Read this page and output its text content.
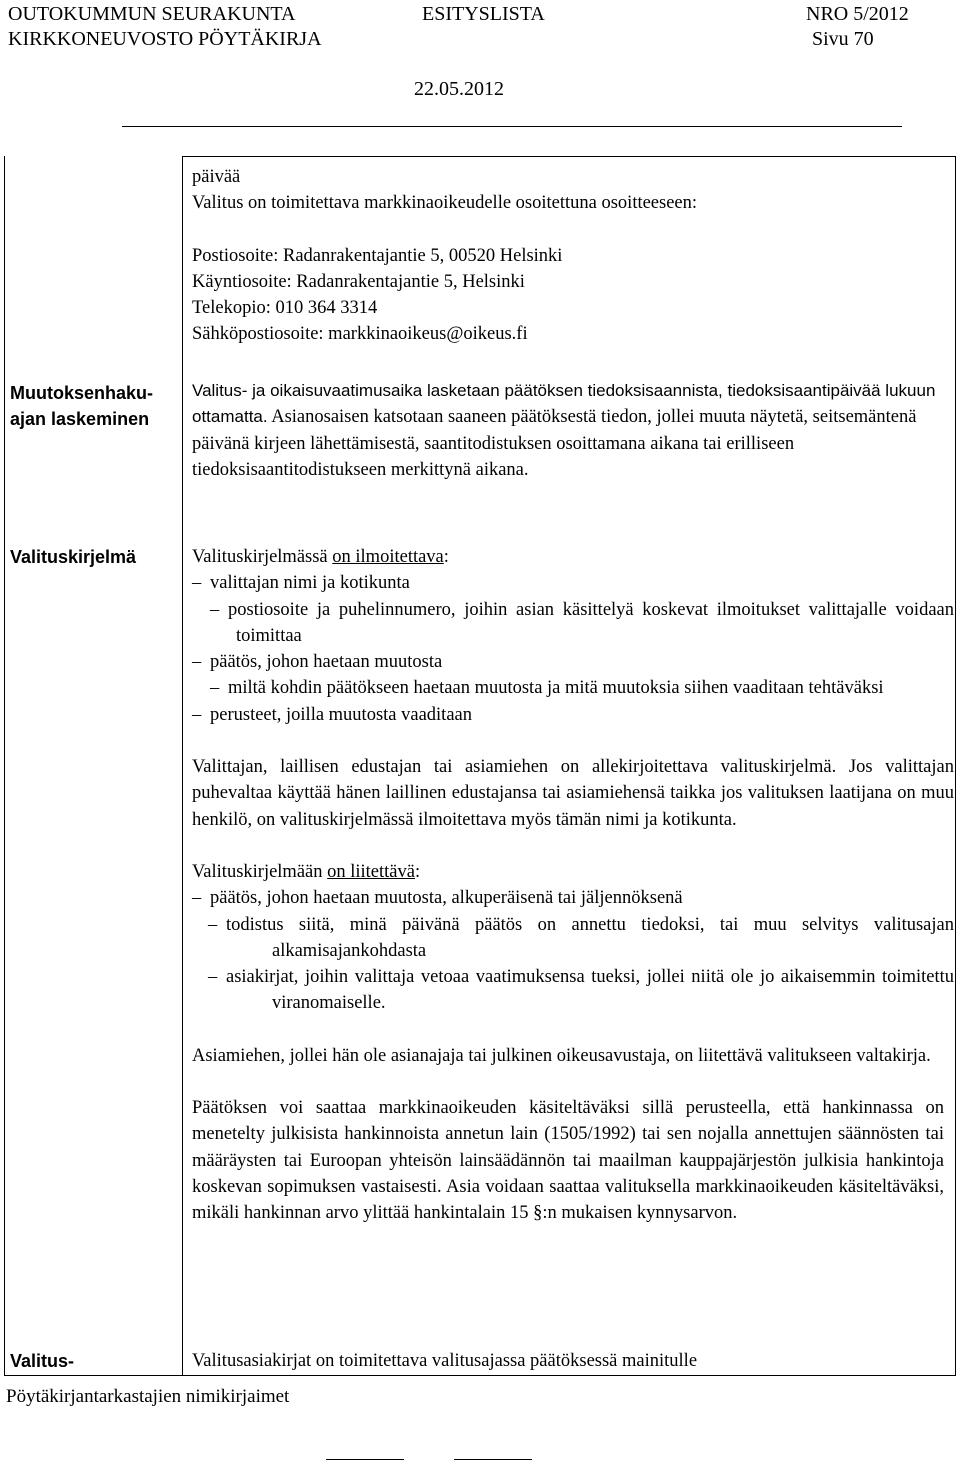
OUTOKUMMUN SEURAKUNTA	ESITYSLISTA	NRO 5/2012
KIRKKONEUVOSTO PÖYTÄKIRJA	Sivu 70
22.05.2012

päivää

Valitus on toimitettava markkinaoikeudelle osoitettuna osoitteeseen:

Postiosoite: Radanrakentajantie 5, 00520 Helsinki

Käyntiosoite: Radanrakentajantie 5, Helsinki

Telekopio: 010 364 3314

Sähköpostiosoite: markkinaoikeus@oikeus.fi

Muutoksenhaku-
ajan laskeminen
Valitus- ja oikaisuvaatimusaika lasketaan päätöksen tiedoksisaannista, tiedoksisaantipäivää lukuun ottamatta. Asianosaisen katsotaan saaneen päätöksestä tiedon, jollei muuta näytetä, seitsemäntenä päivänä kirjeen lähettämisestä, saantitodistuksen osoittamana aikana tai erilliseen tiedoksisaantitodistukseen merkittynä aikana.
Valituskirjelmä	Valituskirjelmässä on ilmoitettava:

– valittajan nimi ja kotikunta
– postiosoite ja puhelinnumero, joihin asian käsittelyä koskevat ilmoitukset valittajalle voidaan toimittaa
– päätös, johon haetaan muutosta
– miltä kohdin päätökseen haetaan muutosta ja mitä muutoksia siihen vaaditaan tehtäväksi
– perusteet, joilla muutosta vaaditaan

Valittajan, laillisen edustajan tai asiamiehen on allekirjoitettava valituskirjelmä. Jos valittajan puhevaltaa käyttää hänen laillinen edustajansa tai asiamiehensä taikka jos valituksen laatijana on muu henkilö, on valituskirjelmässä ilmoitettava myös tämän nimi ja kotikunta.

Valituskirjelmään on liitettävä:

– päätös, johon haetaan muutosta, alkuperäisenä tai jäljennöksenä
– todistus siitä, minä päivänä päätös on annettu tiedoksi, tai muu selvitys valitusajan alkamisajankohdasta
– asiakirjat, joihin valittaja vetoaa vaatimuksensa tueksi, jollei niitä ole jo aikaisemmin toimitettu viranomaiselle.

Asiamiehen, jollei hän ole asianajaja tai julkinen oikeusavustaja, on liitettävä valitukseen valtakirja.

Päätöksen voi saattaa markkinaoikeuden käsiteltäväksi sillä perusteella, että hankinnassa on menetelty julkisista hankinnoista annetun lain (1505/1992) tai sen nojalla annettujen säännösten tai määräysten tai Euroopan yhteisön lainsäädännön tai maailman kauppajärjestön julkisia hankintoja koskevan sopimuksen vastaisesti. Asia voidaan saattaa valituksella markkinaoikeuden käsiteltäväksi, mikäli hankinnan arvo ylittää hankintalain 15 §:n mukaisen kynnysarvon.

Valitus-	Valitusasiakirjat on toimitettava valitusajassa päätöksessä mainitulle
Pöytäkirjantarkastajien nimikirjaimet
